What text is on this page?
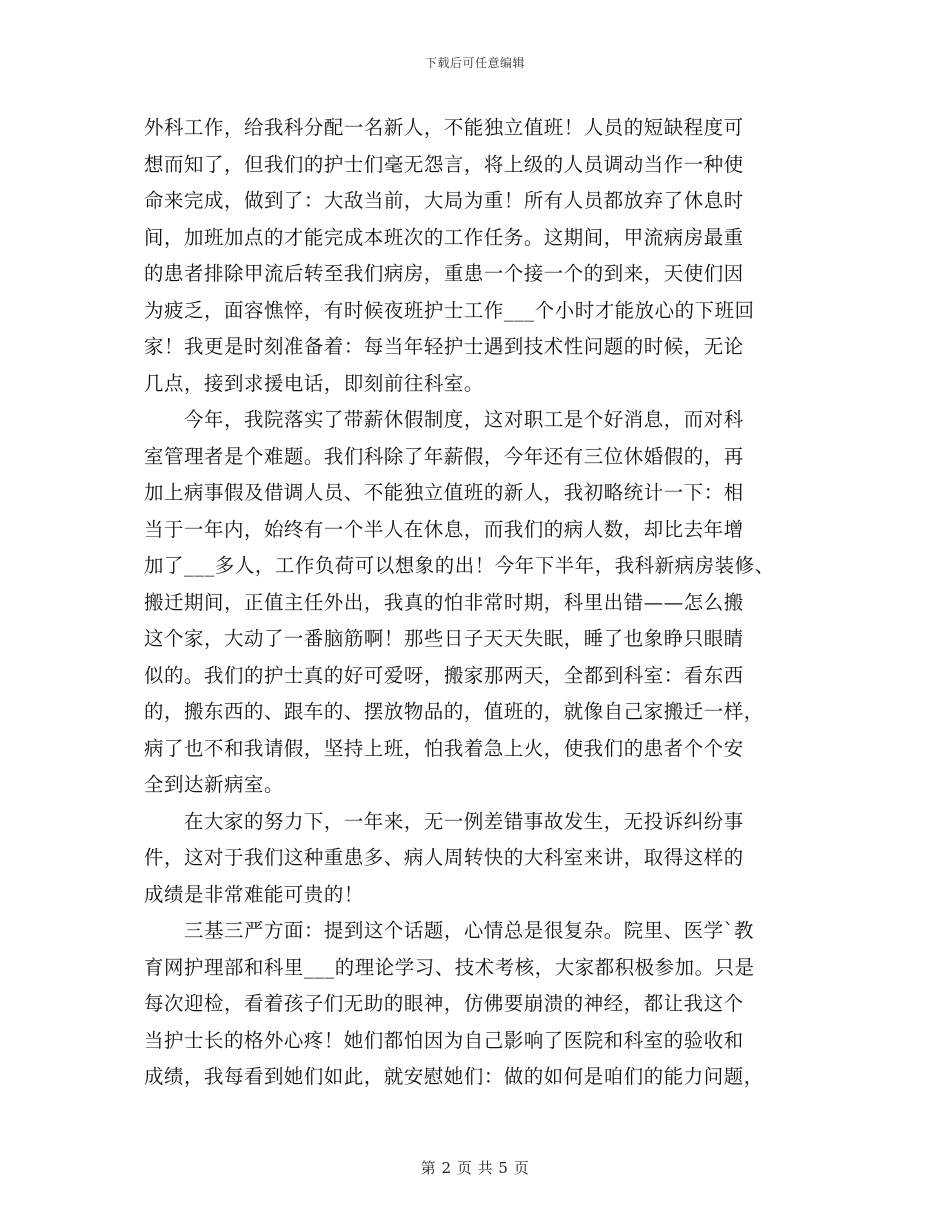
下载后可任意编辑
外科工作，给我科分配一名新人，不能独立值班！人员的短缺程度可
想而知了，但我们的护士们毫无怨言，将上级的人员调动当作一种使
命来完成，做到了：大敌当前，大局为重！所有人员都放弃了休息时
间，加班加点的才能完成本班次的工作任务。这期间，甲流病房最重
的患者排除甲流后转至我们病房，重患一个接一个的到来，天使们因
为疲乏，面容憔悴，有时候夜班护士工作___个小时才能放心的下班回
家！我更是时刻准备着：每当年轻护士遇到技术性问题的时候，无论
几点，接到求援电话，即刻前往科室。
今年，我院落实了带薪休假制度，这对职工是个好消息，而对科
室管理者是个难题。我们科除了年薪假，今年还有三位休婚假的，再
加上病事假及借调人员、不能独立值班的新人，我初略统计一下：相
当于一年内，始终有一个半人在休息，而我们的病人数，却比去年增
加了___多人，工作负荷可以想象的出！今年下半年，我科新病房装修、
搬迁期间，正值主任外出，我真的怕非常时期，科里出错——怎么搬
这个家，大动了一番脑筋啊！那些日子天天失眠，睡了也象睁只眼睛
似的。我们的护士真的好可爱呀，搬家那两天，全都到科室：看东西
的，搬东西的、跟车的、摆放物品的，值班的，就像自己家搬迁一样，
病了也不和我请假，坚持上班，怕我着急上火，使我们的患者个个安
全到达新病室。
在大家的努力下，一年来，无一例差错事故发生，无投诉纠纷事
件，这对于我们这种重患多、病人周转快的大科室来讲，取得这样的
成绩是非常难能可贵的！
三基三严方面：提到这个话题，心情总是很复杂。院里、医学`教
育网护理部和科里___的理论学习、技术考核，大家都积极参加。只是
每次迎检，看着孩子们无助的眼神，仿佛要崩溃的神经，都让我这个
当护士长的格外心疼！她们都怕因为自己影响了医院和科室的验收和
成绩，我每看到她们如此，就安慰她们：做的如何是咱们的能力问题，
第 2 页 共 5 页
